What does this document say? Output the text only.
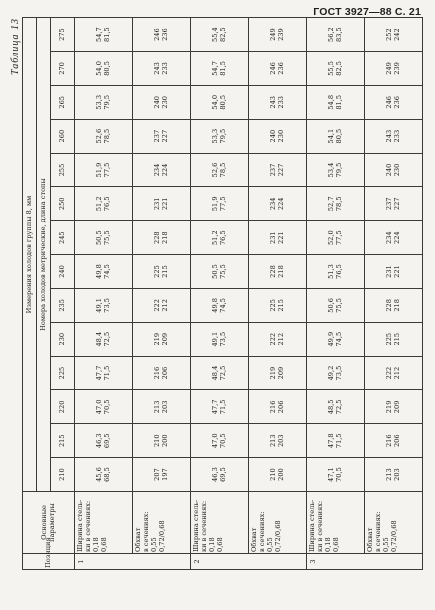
ГОСТ 3927—88 С. 21
Таблица 13
Позиция	Основные параметры	Измерения холодов группы 8, мм													
		Номера холодов метрические, длина стопы													
		210	215	220	225	230	235	240	245	250	255	260	265	270	275
1	Ширина стель- ки в сечениях: 0,18 0,68	45,6 68,5	46,3 69,5	47,0 70,5	47,7 71,5	48,4 72,5	49,1 73,5	49,8 74,5	50,5 75,5	51,2 76,5	51,9 77,5	52,6 78,5	53,3 79,5	54,0 80,5	54,7 81,5

	Обхват в сечениях: 0,55 0,72/0,68	207 197	210 200	213 203	216 206	219 209	222 212	225 215	228 218	231 221	234 224	237 227	240 230	243 233	246 236

2	Ширина стель- ки в сечениях: 0,18 0,68	46,3 69,5	47,0 70,5	47,7 71,5	48,4 72,5	49,1 73,5	49,8 74,5	50,5 75,5	51,2 76,5	51,9 77,5	52,6 78,5	53,3 79,5	54,0 80,5	54,7 81,5	55,4 82,5

	Обхват в сечениях: 0,55 0,72/0,68	210 200	213 203	216 206	219 209	222 212	225 215	228 218	231 221	234 224	237 227	240 230	243 233	246 236	249 239

3	Ширина стель- ки в сечениях: 0,18 0,68	47,1 70,5	47,8 71,5	48,5 72,5	49,2 73,5	49,9 74,5	50,6 75,5	51,3 76,5	52,0 77,5	52,7 78,5	53,4 79,5	54,1 80,5	54,8 81,5	55,5 82,5	56,2 83,5

	Обхват в сечениях: 0,55 0,72/0,68	213 203	216 206	219 209	222 212	225 215	228 218	231 221	234 224	237 227	240 230	243 233	246 236	249 239	252 242
